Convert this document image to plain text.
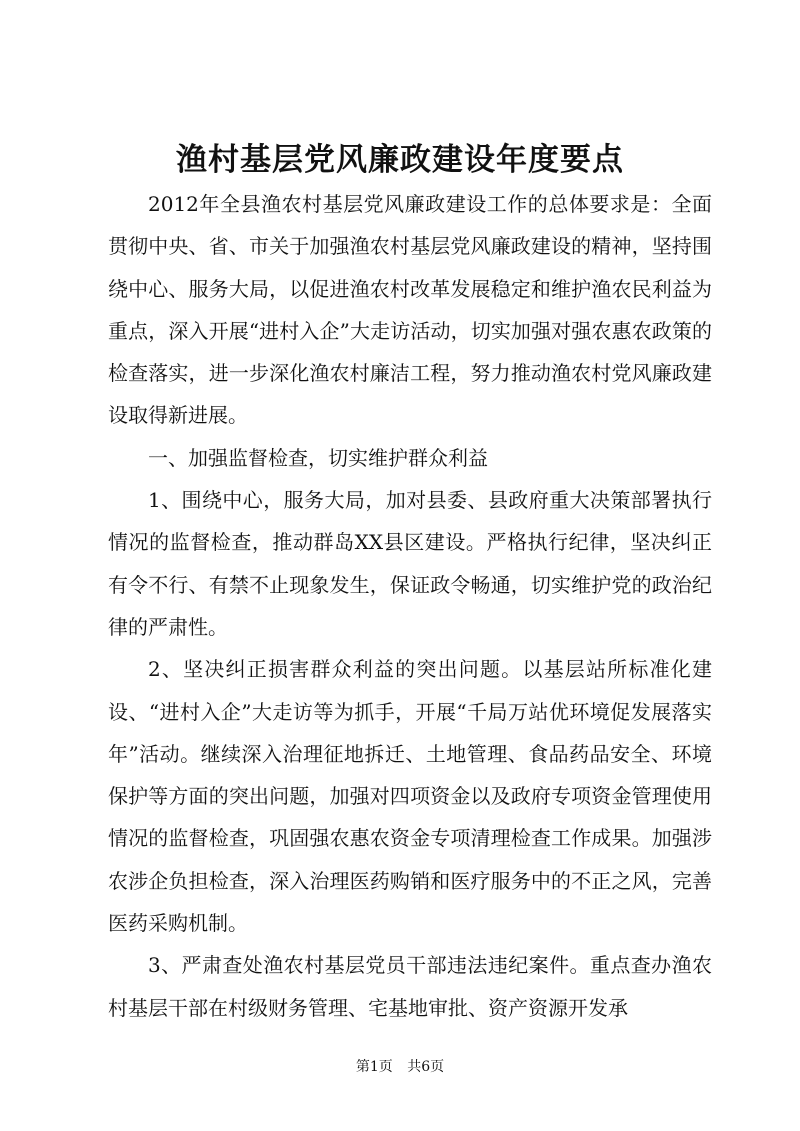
渔村基层党风廉政建设年度要点

2012年全县渔农村基层党风廉政建设工作的总体要求是：全面贯彻中央、省、市关于加强渔农村基层党风廉政建设的精神，坚持围绕中心、服务大局，以促进渔农村改革发展稳定和维护渔农民利益为重点，深入开展“进村入企”大走访活动，切实加强对强农惠农政策的检查落实，进一步深化渔农村廉洁工程，努力推动渔农村党风廉政建设取得新进展。

一、加强监督检查，切实维护群众利益

1、围绕中心，服务大局，加对县委、县政府重大决策部署执行情况的监督检查，推动群岛XX县区建设。严格执行纪律，坚决纠正有令不行、有禁不止现象发生，保证政令畅通，切实维护党的政治纪律的严肃性。

2、坚决纠正损害群众利益的突出问题。以基层站所标准化建设、“进村入企”大走访等为抓手，开展“千局万站优环境促发展落实年”活动。继续深入治理征地拆迁、土地管理、食品药品安全、环境保护等方面的突出问题，加强对四项资金以及政府专项资金管理使用情况的监督检查，巩固强农惠农资金专项清理检查工作成果。加强涉农涉企负担检查，深入治理医药购销和医疗服务中的不正之风，完善医药采购机制。

3、严肃查处渔农村基层党员干部违法违纪案件。重点查办渔农村基层干部在村级财务管理、宅基地审批、资产资源开发承

第1页 共6页
